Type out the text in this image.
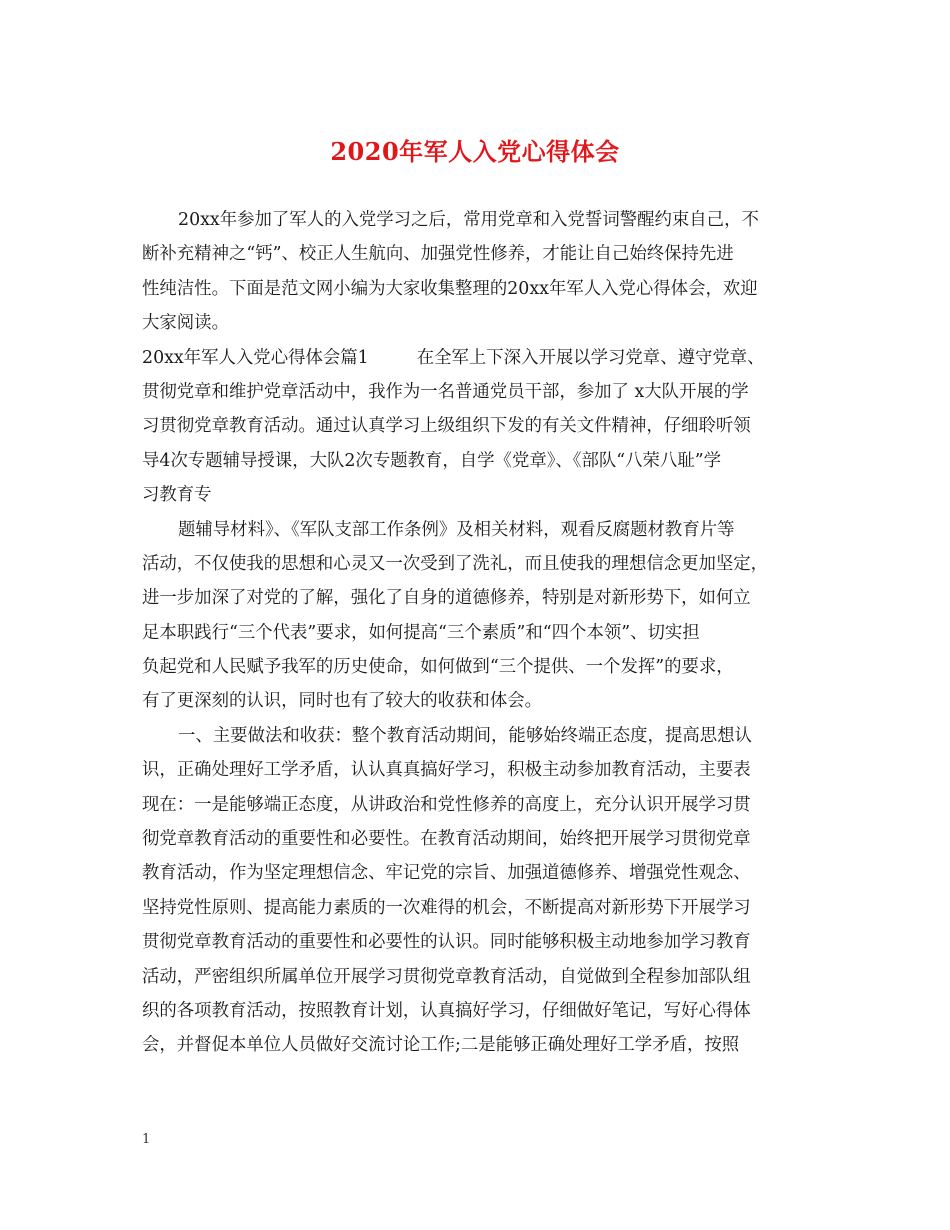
2020年军人入党心得体会
20xx年参加了军人的入党学习之后，常用党章和入党誓词警醒约束自己，不
断补充精神之“钙”、校正人生航向、加强党性修养，才能让自己始终保持先进
性纯洁性。下面是范文网小编为大家收集整理的20xx年军人入党心得体会，欢迎
大家阅读。
20xx年军人入党心得体会篇1	在全军上下深入开展以学习党章、遵守党章、
贯彻党章和维护党章活动中，我作为一名普通党员干部，参加了 x大队开展的学
习贯彻党章教育活动。通过认真学习上级组织下发的有关文件精神，仔细聆听领
导4次专题辅导授课，大队2次专题教育，自学《党章》、《部队“八荣八耻”学
习教育专
题辅导材料》、《军队支部工作条例》及相关材料，观看反腐题材教育片等
活动，不仅使我的思想和心灵又一次受到了洗礼，而且使我的理想信念更加坚定，
进一步加深了对党的了解，强化了自身的道德修养，特别是对新形势下，如何立
足本职践行“三个代表”要求，如何提高“三个素质”和“四个本领”、切实担
负起党和人民赋予我军的历史使命，如何做到“三个提供、一个发挥”的要求，
有了更深刻的认识，同时也有了较大的收获和体会。
一、主要做法和收获：整个教育活动期间，能够始终端正态度，提高思想认
识，正确处理好工学矛盾，认认真真搞好学习，积极主动参加教育活动，主要表
现在：一是能够端正态度，从讲政治和党性修养的高度上，充分认识开展学习贯
彻党章教育活动的重要性和必要性。在教育活动期间，始终把开展学习贯彻党章
教育活动，作为坚定理想信念、牢记党的宗旨、加强道德修养、增强党性观念、
坚持党性原则、提高能力素质的一次难得的机会，不断提高对新形势下开展学习
贯彻党章教育活动的重要性和必要性的认识。同时能够积极主动地参加学习教育
活动，严密组织所属单位开展学习贯彻党章教育活动，自觉做到全程参加部队组
织的各项教育活动，按照教育计划，认真搞好学习，仔细做好笔记，写好心得体
会，并督促本单位人员做好交流讨论工作;二是能够正确处理好工学矛盾，按照
1
